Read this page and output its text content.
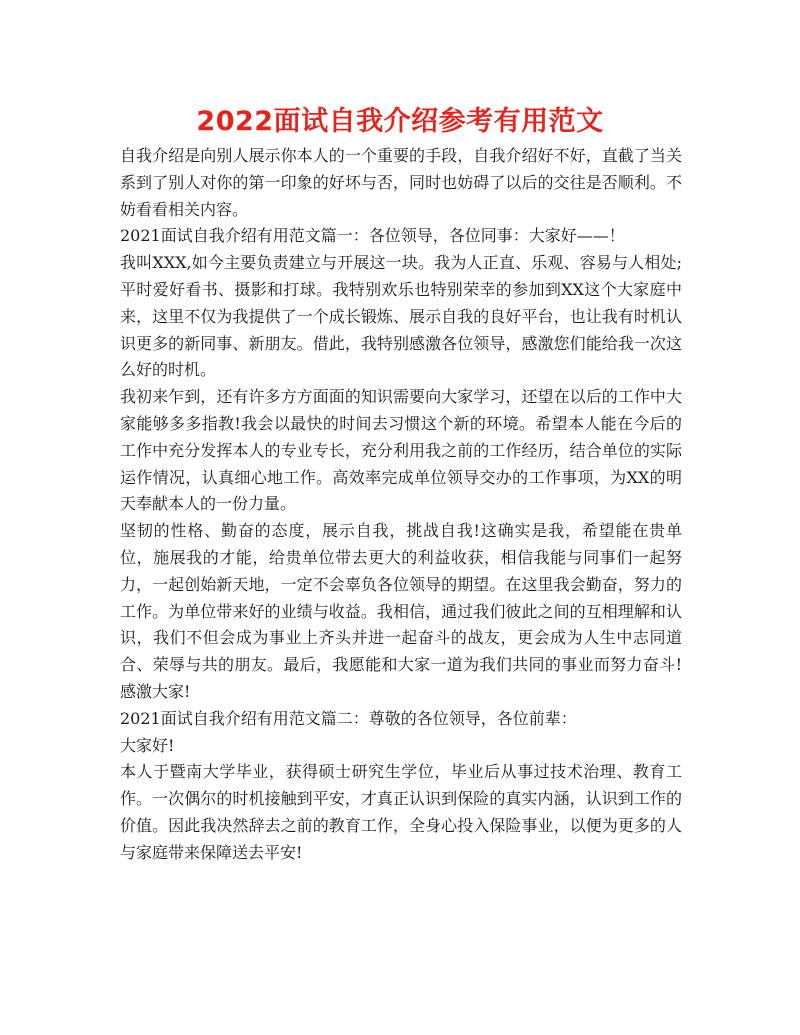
2022面试自我介绍参考有用范文

自我介绍是向别人展示你本人的一个重要的手段，自我介绍好不好，直截了当关系到了别人对你的第一印象的好坏与否，同时也妨碍了以后的交往是否顺利。不妨看看相关内容。

2021面试自我介绍有用范文篇一：各位领导，各位同事：大家好——！

我叫XXX,如今主要负责建立与开展这一块。我为人正直、乐观、容易与人相处;平时爱好看书、摄影和打球。我特别欢乐也特别荣幸的参加到XX这个大家庭中来，这里不仅为我提供了一个成长锻炼、展示自我的良好平台，也让我有时机认识更多的新同事、新朋友。借此，我特别感激各位领导，感激您们能给我一次这么好的时机。

我初来乍到，还有许多方方面面的知识需要向大家学习，还望在以后的工作中大家能够多多指教!我会以最快的时间去习惯这个新的环境。希望本人能在今后的工作中充分发挥本人的专业专长，充分利用我之前的工作经历，结合单位的实际运作情况，认真细心地工作。高效率完成单位领导交办的工作事项，为XX的明天奉献本人的一份力量。

坚韧的性格、勤奋的态度，展示自我，挑战自我!这确实是我，希望能在贵单位，施展我的才能，给贵单位带去更大的利益收获，相信我能与同事们一起努力，一起创始新天地，一定不会辜负各位领导的期望。在这里我会勤奋，努力的工作。为单位带来好的业绩与收益。我相信，通过我们彼此之间的互相理解和认识，我们不但会成为事业上齐头并进一起奋斗的战友，更会成为人生中志同道合、荣辱与共的朋友。最后，我愿能和大家一道为我们共同的事业而努力奋斗!感激大家!

2021面试自我介绍有用范文篇二：尊敬的各位领导，各位前辈：

大家好!

本人于暨南大学毕业，获得硕士研究生学位，毕业后从事过技术治理、教育工作。一次偶尔的时机接触到平安，才真正认识到保险的真实内涵，认识到工作的价值。因此我决然辞去之前的教育工作，全身心投入保险事业，以便为更多的人与家庭带来保障送去平安!
